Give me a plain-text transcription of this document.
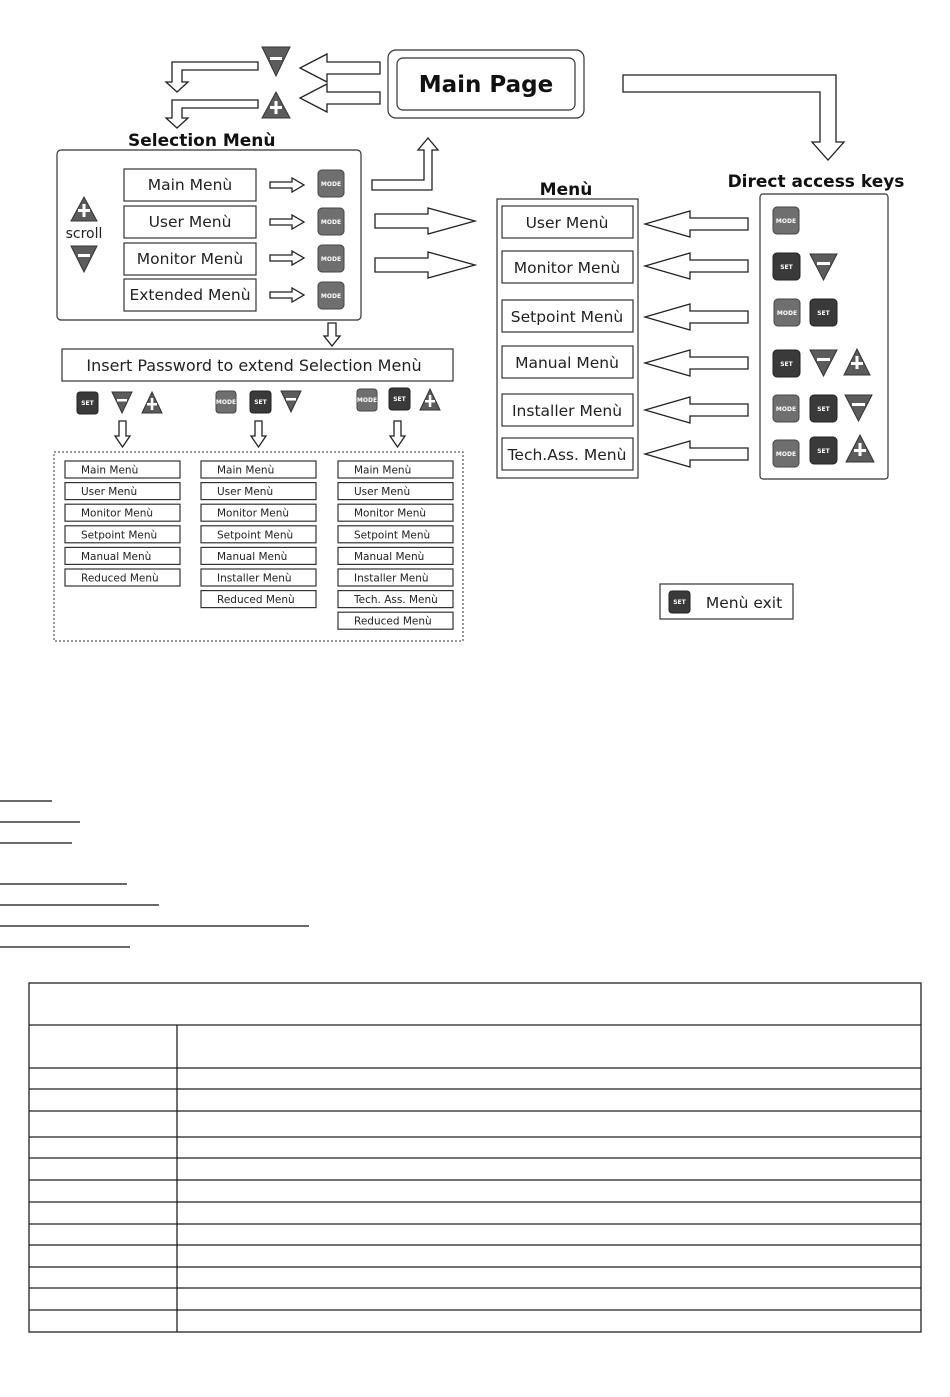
Main Page
Selection Menù
scroll
Main Menù
User Menù
Monitor Menù
Extended Menù
MODE
MODE
MODE
MODE
Insert Password to extend Selection Menù
SET	MODE	SET	MODE	SET
Main Menù
User Menù
Monitor Menù
Setpoint Menù
Manual Menù
Reduced Menù
Main Menù
User Menù
Monitor Menù
Setpoint Menù
Manual Menù
Installer Menù
Reduced Menù
Main Menù
User Menù
Monitor Menù
Setpoint Menù
Manual Menù
Installer Menù
Tech. Ass. Menù
Reduced Menù
Menù
User Menù
Monitor Menù
Setpoint Menù
Manual Menù
Installer Menù
Tech.Ass. Menù
Direct access keys
MODE
SET
MODE	SET
SET
MODE	SET
MODE	SET
SET Menù exit
